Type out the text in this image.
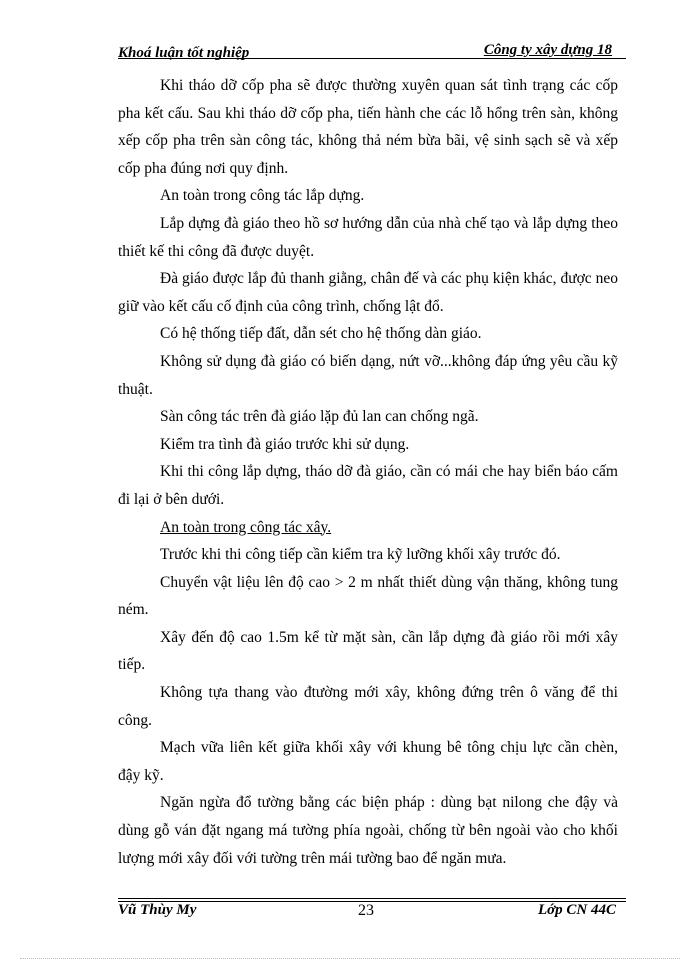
Khoá luận tốt nghiệp	Công ty xây dựng 18

Khi tháo dỡ cốp pha sẽ được thường xuyên quan sát tình trạng các cốp pha kết cấu. Sau khi tháo dỡ cốp pha, tiến hành che các lỗ hổng trên sàn, không xếp cốp pha trên sàn công tác, không thả ném bừa bãi, vệ sinh sạch sẽ và xếp cốp pha đúng nơi quy định.

An toàn trong công tác lắp dựng.

Lắp dựng đà giáo theo hồ sơ hướng dẫn của nhà chế tạo và lắp dựng theo thiết kế thi công đã được duyệt.

Đà giáo được lắp đủ thanh giằng, chân đế và các phụ kiện khác, được neo giữ vào kết cấu cố định của công trình, chống lật đổ.

Có hệ thống tiếp đất, dẫn sét cho hệ thống dàn giáo.

Không sử dụng đà giáo có biến dạng, nứt vỡ...không đáp ứng yêu cầu kỹ thuật.

Sàn công tác trên đà giáo lặp đủ lan can chống ngã.

Kiểm tra tình đà giáo trước khi sử dụng.

Khi thi công lắp dựng, tháo dỡ đà giáo, cần có mái che hay biển báo cấm đi lại ở bên dưới.

An toàn trong công tác xây.

Trước khi thi công tiếp cần kiểm tra kỹ lưỡng khối xây trước đó.

Chuyển vật liệu lên độ cao > 2 m nhất thiết dùng vận thăng, không tung ném.

Xây đến độ cao 1.5m kể từ mặt sàn, cần lắp dựng đà giáo rồi mới xây tiếp.

Không tựa thang vào đtường mới xây, không đứng trên ô văng để thi công.

Mạch vữa liên kết giữa khối xây với khung bê tông chịu lực cần chèn, đậy kỹ.

Ngăn ngừa đổ tường bằng các biện pháp : dùng bạt nilong che đậy và dùng gỗ ván đặt ngang má tường phía ngoài, chống từ bên ngoài vào cho khối lượng mới xây đối với tường trên mái tường bao để ngăn mưa.

Vũ Thùy My	23	Lớp CN 44C
